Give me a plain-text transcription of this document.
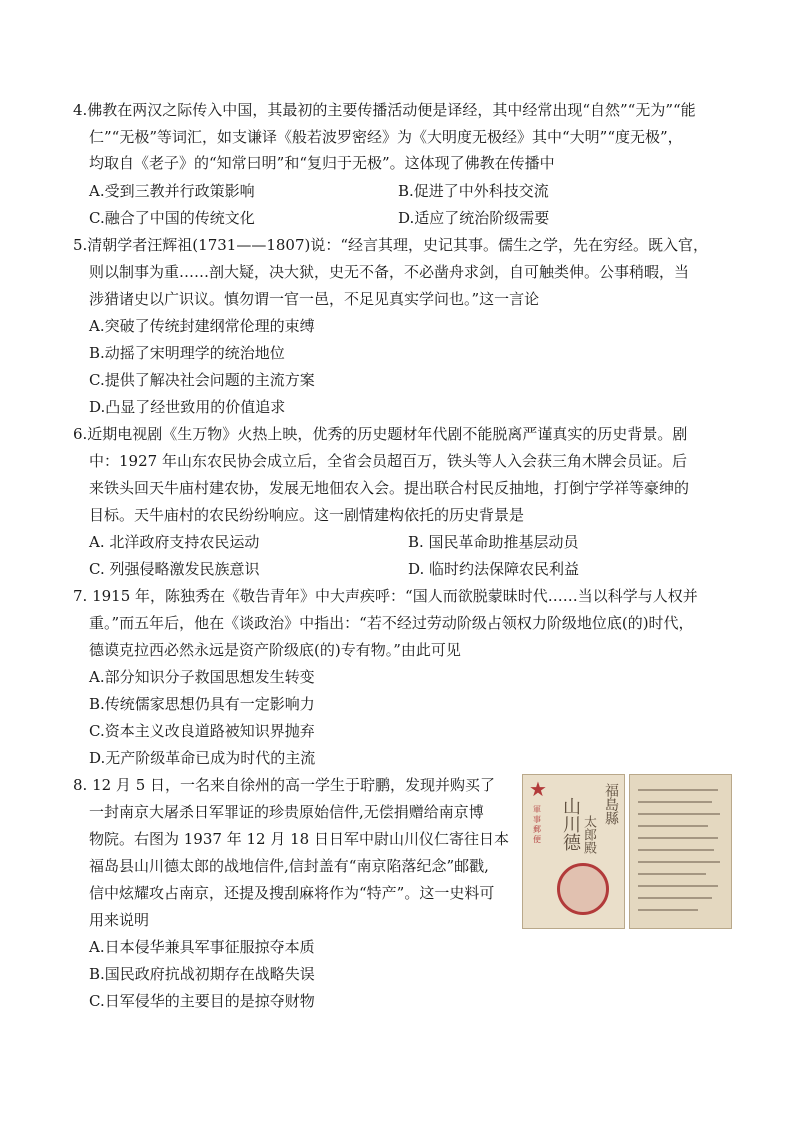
4.佛教在两汉之际传入中国，其最初的主要传播活动便是译经，其中经常出现“自然”“无为”“能
仁”“无极”等词汇，如支谦译《般若波罗密经》为《大明度无极经》其中“大明”“度无极”，
均取自《老子》的“知常曰明”和“复归于无极”。这体现了佛教在传播中
A.受到三教并行政策影响	B.促进了中外科技交流
C.融合了中国的传统文化	D.适应了统治阶级需要
5.清朝学者汪辉祖(1731——1807)说：“经言其理，史记其事。儒生之学，先在穷经。既入官，
则以制事为重……剖大疑，决大狱，史无不备，不必凿舟求剑，自可触类伸。公事稍暇，当
涉猎诸史以广识议。慎勿谓一官一邑，不足见真实学问也。”这一言论
A.突破了传统封建纲常伦理的束缚
B.动摇了宋明理学的统治地位
C.提供了解决社会问题的主流方案
D.凸显了经世致用的价值追求
6.近期电视剧《生万物》火热上映，优秀的历史题材年代剧不能脱离严谨真实的历史背景。剧
中：1927 年山东农民协会成立后，全省会员超百万，铁头等人入会获三角木牌会员证。后
来铁头回天牛庙村建农协，发展无地佃农入会。提出联合村民反抽地，打倒宁学祥等豪绅的
目标。天牛庙村的农民纷纷响应。这一剧情建构依托的历史背景是
A. 北洋政府支持农民运动	B. 国民革命助推基层动员
C. 列强侵略激发民族意识	D. 临时约法保障农民利益
7. 1915 年，陈独秀在《敬告青年》中大声疾呼：“国人而欲脱蒙昧时代……当以科学与人权并
重。”而五年后，他在《谈政治》中指出：“若不经过劳动阶级占领权力阶级地位底(的)时代，
德谟克拉西必然永远是资产阶级底(的)专有物。”由此可见
A.部分知识分子救国思想发生转变
B.传统儒家思想仍具有一定影响力
C.资本主义改良道路被知识界抛弃
D.无产阶级革命已成为时代的主流
8. 12 月 5 日，一名来自徐州的高一学生于聍鹏，发现并购买了
一封南京大屠杀日军罪证的珍贵原始信件,无偿捐赠给南京博
物院。右图为 1937 年 12 月 18 日日军中尉山川仪仁寄往日本
福岛县山川德太郎的战地信件,信封盖有“南京陷落纪念”邮戳,
信中炫耀攻占南京，还提及搜刮麻将作为“特产”。这一史料可
用来说明
A.日本侵华兼具军事征服掠夺本质
B.国民政府抗战初期存在战略失误
C.日军侵华的主要目的是掠夺财物
★
軍事郵便
福島縣
山川德 太郎殿
